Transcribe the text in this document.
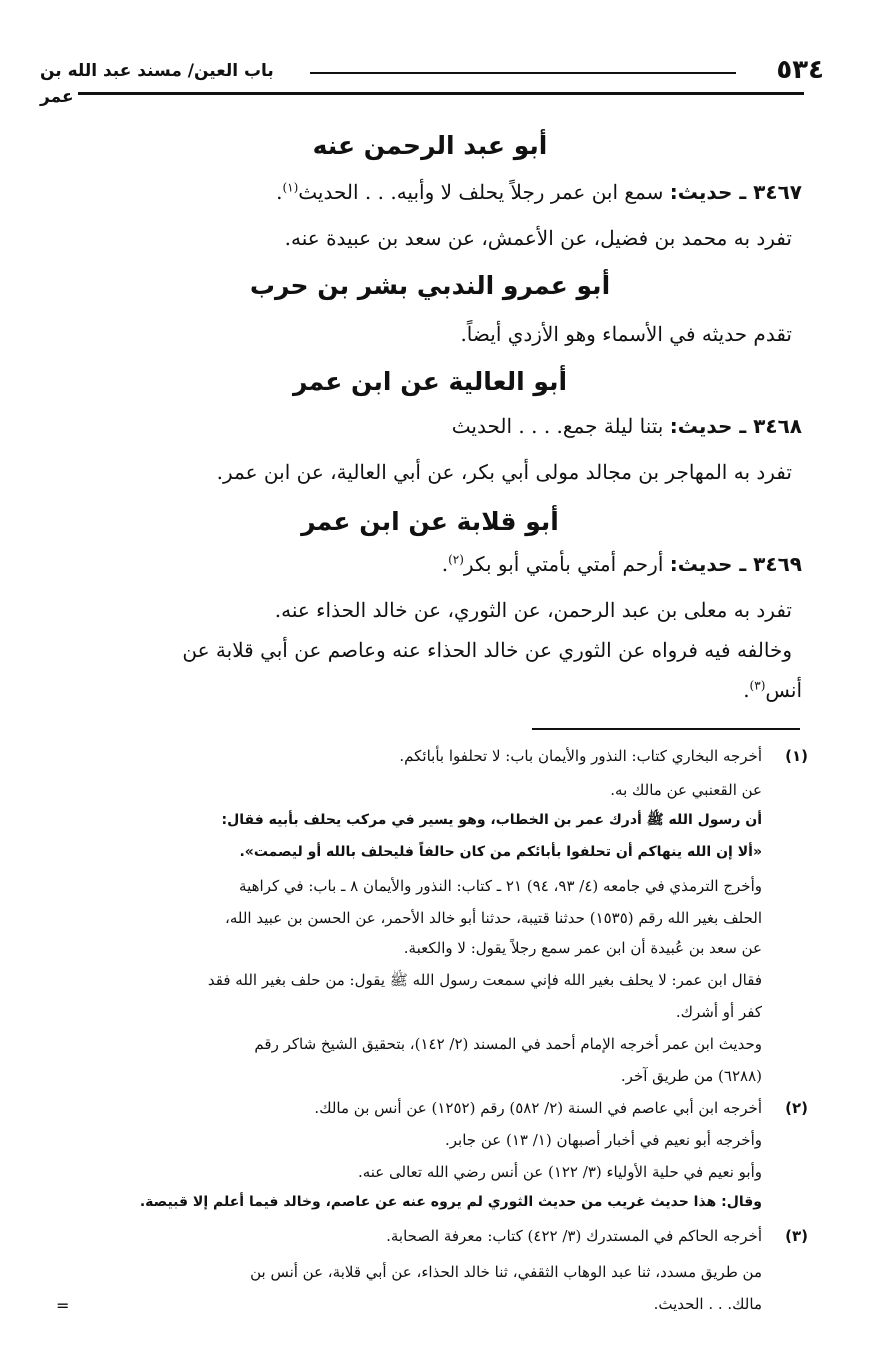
٥٣٤
باب العين/ مسند عبد الله بن عمر
أبو عبد الرحمن عنه
٣٤٦٧ ـ حديث: سمع ابن عمر رجلاً يحلف لا وأبيه. . . الحديث$^{(١)}$.
تفرد به محمد بن فضيل، عن الأعمش، عن سعد بن عبيدة عنه.
أبو عمرو الندبي بشر بن حرب
تقدم حديثه في الأسماء وهو الأزدي أيضاً.
أبو العالية عن ابن عمر
٣٤٦٨ ـ حديث: بتنا ليلة جمع. . . . الحديث
تفرد به المهاجر بن مجالد مولى أبي بكر، عن أبي العالية، عن ابن عمر.
أبو قلابة عن ابن عمر
٣٤٦٩ ـ حديث: أرحم أمتي بأمتي أبو بكر$^{(٢)}$.
تفرد به معلى بن عبد الرحمن، عن الثوري، عن خالد الحذاء عنه.
وخالفه فيه فرواه عن الثوري عن خالد الحذاء عنه وعاصم عن أبي قلابة عن
أنس$^{(٣)}$.
(١)
أخرجه البخاري كتاب: النذور والأيمان باب: لا تحلفوا بأبائكم.
عن القعنبي عن مالك به.
أن رسول الله ﷺ أدرك عمر بن الخطاب، وهو يسير في مركب يحلف بأبيه فقال:
«ألا إن الله ينهاكم أن تحلفوا بأبائكم من كان حالفاً فليحلف بالله أو ليصمت».
وأخرج الترمذي في جامعه (٤/ ٩٣، ٩٤) ٢١ ـ كتاب: النذور والأيمان ٨ ـ باب: في كراهية
الحلف بغير الله رقم (١٥٣٥) حدثنا قتيبة، حدثنا أبو خالد الأحمر، عن الحسن بن عبيد الله،
عن سعد بن عُبيدة أن ابن عمر سمع رجلاً يقول: لا والكعبة.
فقال ابن عمر: لا يحلف بغير الله فإني سمعت رسول الله ﷺ يقول: من حلف بغير الله فقد
كفر أو أشرك.
وحديث ابن عمر أخرجه الإمام أحمد في المسند (٢/ ١٤٢)، بتحقيق الشيخ شاكر رقم
(٦٢٨٨) من طريق آخر.
(٢)
أخرجه ابن أبي عاصم في السنة (٢/ ٥٨٢) رقم (١٢٥٢) عن أنس بن مالك.
وأخرجه أبو نعيم في أخبار أصبهان (١/ ١٣) عن جابر.
وأبو نعيم في حلية الأولياء (٣/ ١٢٢) عن أنس رضي الله تعالى عنه.
وقال: هذا حديث غريب من حديث الثوري لم يروه عنه عن عاصم، وخالد فيما أعلم إلا قبيصة.
(٣)
أخرجه الحاكم في المستدرك (٣/ ٤٢٢) كتاب: معرفة الصحابة.
من طريق مسدد، ثنا عبد الوهاب الثقفي، ثنا خالد الحذاء، عن أبي قلابة، عن أنس بن
مالك. . . الحديث.
=
